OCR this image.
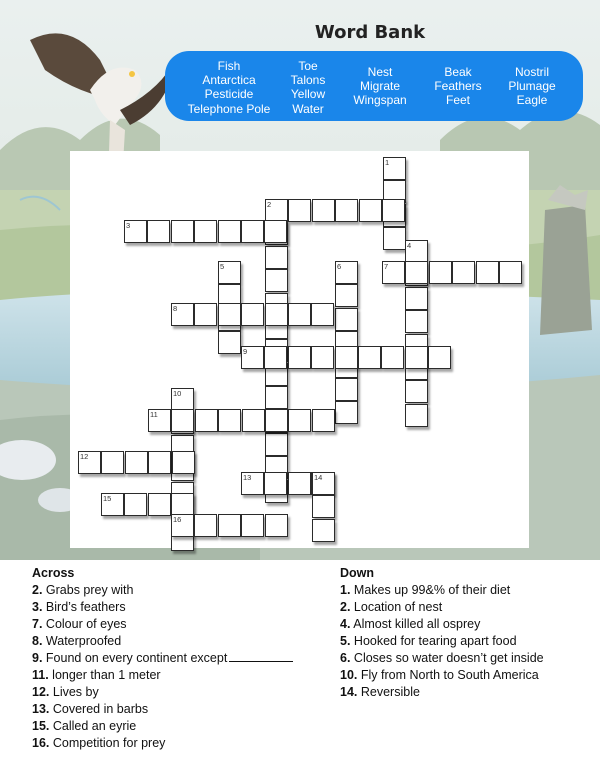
Word Bank
Fish
Antarctica
Pesticide
Telephone Pole
Toe
Talons
Yellow
Water
Nest
Migrate
Wingspan
Beak
Feathers
Feet
Nostril
Plumage
Eagle
1
2
3
4
5	6	7
8
9
10
11
12
13	14
15
16
Across
2. Grabs prey with
3. Bird’s feathers
7. Colour of eyes
8. Waterproofed
9. Found on every continent except
11. longer than 1 meter
12. Lives by
13. Covered in barbs
15. Called an eyrie
16. Competition for prey
Down
1. Makes up 99&% of their diet
2. Location of nest
4. Almost killed all osprey
5. Hooked for tearing apart food
6. Closes so water doesn’t get inside
10. Fly from North to South America
14. Reversible
